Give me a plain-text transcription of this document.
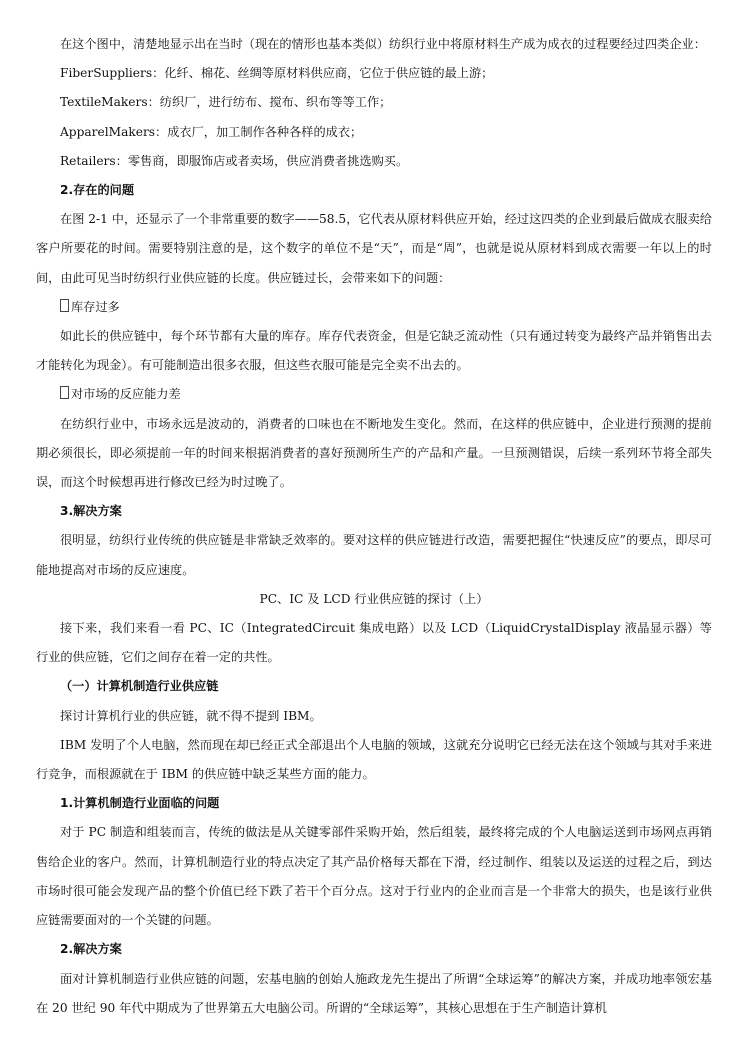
在这个图中，清楚地显示出在当时（现在的情形也基本类似）纺织行业中将原材料生产成为成衣的过程要经过四类企业：

FiberSuppliers：化纤、棉花、丝绸等原材料供应商，它位于供应链的最上游；

TextileMakers：纺织厂，进行纺布、搅布、织布等等工作；

ApparelMakers：成衣厂，加工制作各种各样的成衣；

Retailers：零售商，即服饰店或者卖场，供应消费者挑选购买。

2.存在的问题

在图 2-1 中，还显示了一个非常重要的数字——58.5，它代表从原材料供应开始，经过这四类的企业到最后做成衣服卖给客户所要花的时间。需要特别注意的是，这个数字的单位不是“天”，而是“周”，也就是说从原材料到成衣需要一年以上的时间，由此可见当时纺织行业供应链的长度。供应链过长，会带来如下的问题：

库存过多

如此长的供应链中，每个环节都有大量的库存。库存代表资金，但是它缺乏流动性（只有通过转变为最终产品并销售出去才能转化为现金）。有可能制造出很多衣服，但这些衣服可能是完全卖不出去的。

对市场的反应能力差

在纺织行业中，市场永远是波动的，消费者的口味也在不断地发生变化。然而，在这样的供应链中，企业进行预测的提前期必须很长，即必须提前一年的时间来根据消费者的喜好预测所生产的产品和产量。一旦预测错误，后续一系列环节将全部失误，而这个时候想再进行修改已经为时过晚了。

3.解决方案

很明显，纺织行业传统的供应链是非常缺乏效率的。要对这样的供应链进行改造，需要把握住“快速反应”的要点，即尽可能地提高对市场的反应速度。

PC、IC 及 LCD 行业供应链的探讨（上）

接下来，我们来看一看 PC、IC（IntegratedCircuit 集成电路）以及 LCD（LiquidCrystalDisplay 液晶显示器）等行业的供应链，它们之间存在着一定的共性。

（一）计算机制造行业供应链

探讨计算机行业的供应链，就不得不提到 IBM。

IBM 发明了个人电脑，然而现在却已经正式全部退出个人电脑的领域，这就充分说明它已经无法在这个领域与其对手来进行竞争，而根源就在于 IBM 的供应链中缺乏某些方面的能力。

1.计算机制造行业面临的问题

对于 PC 制造和组装而言，传统的做法是从关键零部件采购开始，然后组装，最终将完成的个人电脑运送到市场网点再销售给企业的客户。然而，计算机制造行业的特点决定了其产品价格每天都在下滑，经过制作、组装以及运送的过程之后，到达市场时很可能会发现产品的整个价值已经下跌了若干个百分点。这对于行业内的企业而言是一个非常大的损失，也是该行业供应链需要面对的一个关键的问题。

2.解决方案

面对计算机制造行业供应链的问题，宏基电脑的创始人施政龙先生提出了所谓“全球运筹”的解决方案，并成功地率领宏基在 20 世纪 90 年代中期成为了世界第五大电脑公司。所谓的“全球运筹”，其核心思想在于生产制造计算机
